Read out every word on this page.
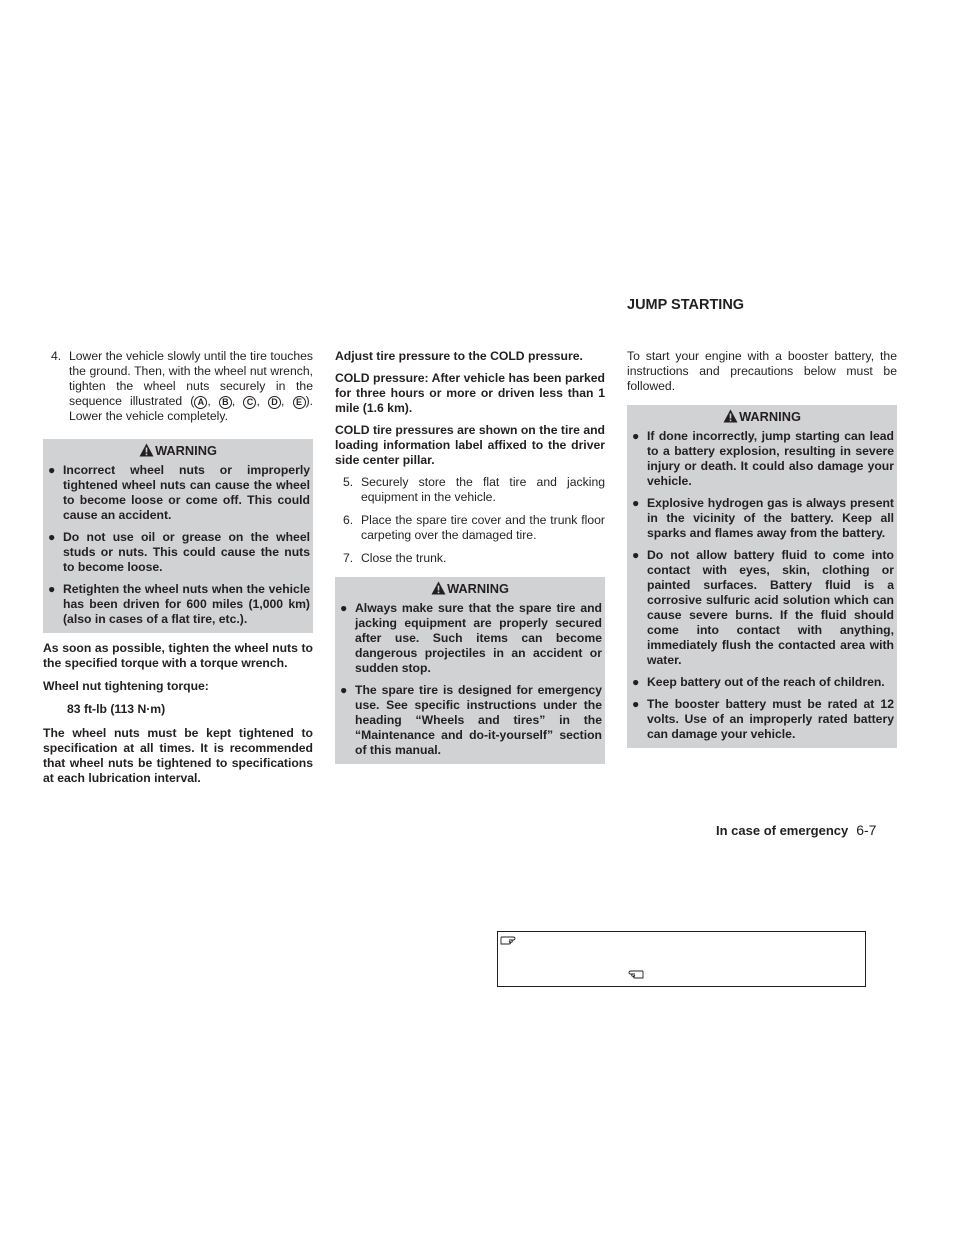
JUMP STARTING
4. Lower the vehicle slowly until the tire touches the ground. Then, with the wheel nut wrench, tighten the wheel nuts securely in the sequence illustrated ( A , B , C , D , E ). Lower the vehicle completely.
WARNING
● Incorrect wheel nuts or improperly tightened wheel nuts can cause the wheel to become loose or come off. This could cause an accident.
● Do not use oil or grease on the wheel studs or nuts. This could cause the nuts to become loose.
● Retighten the wheel nuts when the vehicle has been driven for 600 miles (1,000 km) (also in cases of a flat tire, etc.).

As soon as possible, tighten the wheel nuts to the specified torque with a torque wrench.

Wheel nut tightening torque:

83 ft-lb (113 N·m)

The wheel nuts must be kept tightened to specification at all times. It is recommended that wheel nuts be tightened to specifications at each lubrication interval.

Adjust tire pressure to the COLD pressure.

COLD pressure: After vehicle has been parked for three hours or more or driven less than 1 mile (1.6 km).

COLD tire pressures are shown on the tire and loading information label affixed to the driver side center pillar.

5. Securely store the flat tire and jacking equipment in the vehicle.
6. Place the spare tire cover and the trunk floor carpeting over the damaged tire.
7. Close the trunk.
WARNING
● Always make sure that the spare tire and jacking equipment are properly secured after use. Such items can become dangerous projectiles in an accident or sudden stop.
● The spare tire is designed for emergency use. See specific instructions under the heading “Wheels and tires” in the “Maintenance and do-it-yourself” section of this manual.

To start your engine with a booster battery, the instructions and precautions below must be followed.

WARNING
● If done incorrectly, jump starting can lead to a battery explosion, resulting in severe injury or death. It could also damage your vehicle.
● Explosive hydrogen gas is always present in the vicinity of the battery. Keep all sparks and flames away from the battery.
● Do not allow battery fluid to come into contact with eyes, skin, clothing or painted surfaces. Battery fluid is a corrosive sulfuric acid solution which can cause severe burns. If the fluid should come into contact with anything, immediately flush the contacted area with water.
● Keep battery out of the reach of children.
● The booster battery must be rated at 12 volts. Use of an improperly rated battery can damage your vehicle.
In case of emergency 6-7
